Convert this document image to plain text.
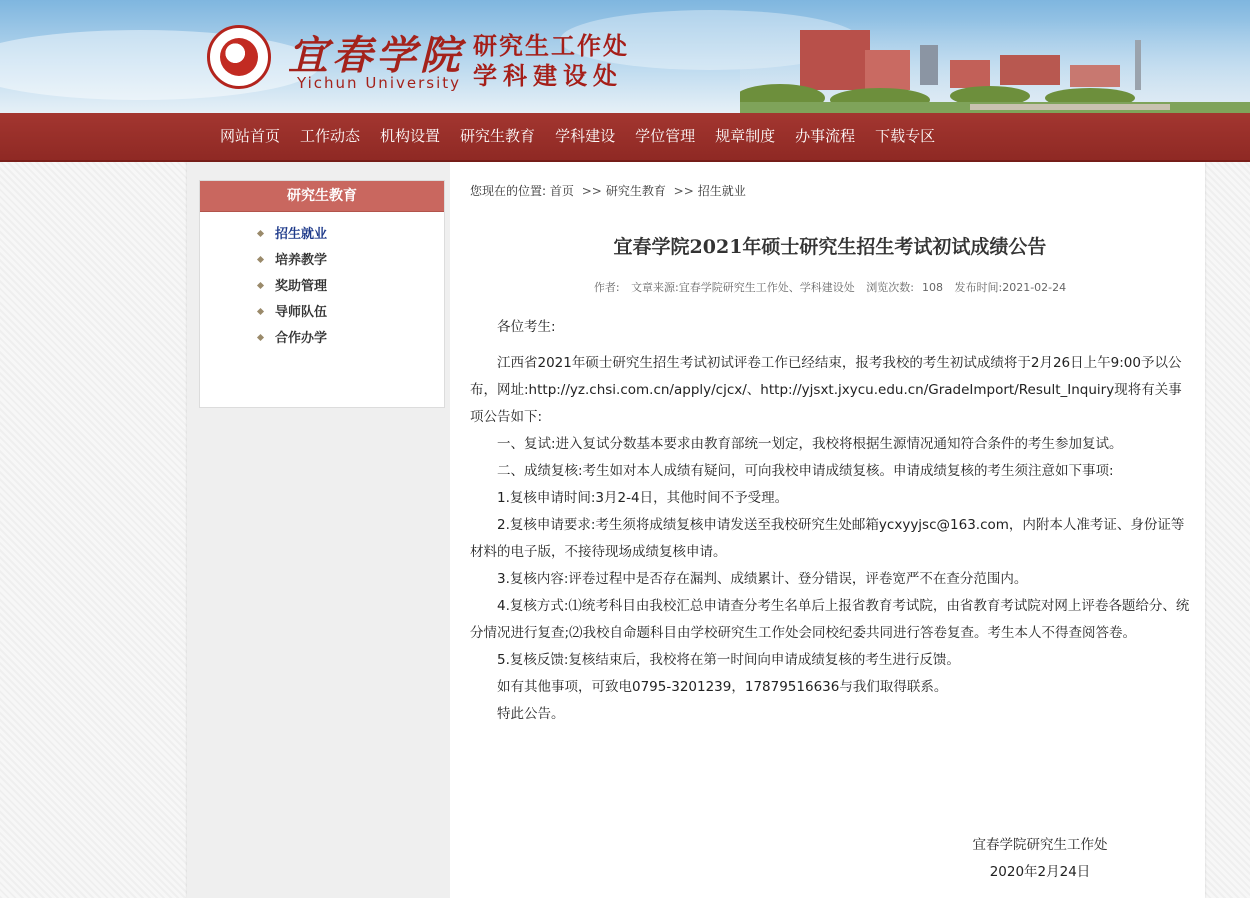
宜春学院
Yichun University
研究生工作处
学科建设处
网站首页	工作动态	机构设置	研究生教育	学科建设	学位管理	规章制度	办事流程	下载专区
研究生教育
招生就业
培养教学
奖助管理
导师队伍
合作办学
您现在的位置: 首页 >> 研究生教育 >> 招生就业
宜春学院2021年硕士研究生招生考试初试成绩公告
作者: 文章来源:宜春学院研究生工作处、学科建设处 浏览次数: 108 发布时间:2021-02-24

各位考生:

江西省2021年硕士研究生招生考试初试评卷工作已经结束，报考我校的考生初试成绩将于2月26日上午9:00予以公布，网址:http://yz.chsi.com.cn/apply/cjcx/、http://yjsxt.jxycu.edu.cn/GradeImport/Result_Inquiry现将有关事项公告如下:

一、复试:进入复试分数基本要求由教育部统一划定，我校将根据生源情况通知符合条件的考生参加复试。

二、成绩复核:考生如对本人成绩有疑问，可向我校申请成绩复核。申请成绩复核的考生须注意如下事项:

1.复核申请时间:3月2-4日，其他时间不予受理。

2.复核申请要求:考生须将成绩复核申请发送至我校研究生处邮箱ycxyyjsc@163.com，内附本人准考证、身份证等材料的电子版，不接待现场成绩复核申请。

3.复核内容:评卷过程中是否存在漏判、成绩累计、登分错误，评卷宽严不在查分范围内。

4.复核方式:⑴统考科目由我校汇总申请查分考生名单后上报省教育考试院，由省教育考试院对网上评卷各题给分、统分情况进行复查;⑵我校自命题科目由学校研究生工作处会同校纪委共同进行答卷复查。考生本人不得查阅答卷。

5.复核反馈:复核结束后，我校将在第一时间向申请成绩复核的考生进行反馈。

如有其他事项，可致电0795-3201239，17879516636与我们取得联系。

特此公告。

宜春学院研究生工作处
2020年2月24日
